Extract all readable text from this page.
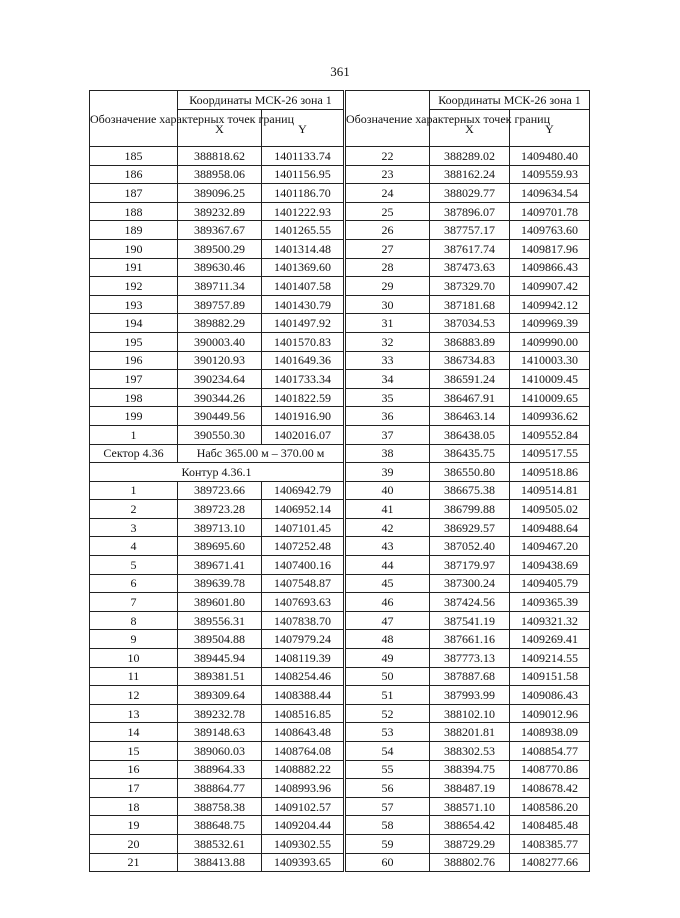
361
Обозначение характерных точек границ	Координаты МСК-26 зона 1	
	X	Y
185	388818.62	1401133.74
186	388958.06	1401156.95
187	389096.25	1401186.70
188	389232.89	1401222.93
189	389367.67	1401265.55
190	389500.29	1401314.48
191	389630.46	1401369.60
192	389711.34	1401407.58
193	389757.89	1401430.79
194	389882.29	1401497.92
195	390003.40	1401570.83
196	390120.93	1401649.36
197	390234.64	1401733.34
198	390344.26	1401822.59
199	390449.56	1401916.90
1	390550.30	1402016.07
Сектор 4.36	Набс 365.00 м – 370.00 м	
Контур 4.36.1		
1	389723.66	1406942.79
2	389723.28	1406952.14
3	389713.10	1407101.45
4	389695.60	1407252.48
5	389671.41	1407400.16
6	389639.78	1407548.87
7	389601.80	1407693.63
8	389556.31	1407838.70
9	389504.88	1407979.24
10	389445.94	1408119.39
11	389381.51	1408254.46
12	389309.64	1408388.44
13	389232.78	1408516.85
14	389148.63	1408643.48
15	389060.03	1408764.08
16	388964.33	1408882.22
17	388864.77	1408993.96
18	388758.38	1409102.57
19	388648.75	1409204.44
20	388532.61	1409302.55
21	388413.88	1409393.65
Обозначение характерных точек границ	Координаты МСК-26 зона 1	
	X	Y
22	388289.02	1409480.40
23	388162.24	1409559.93
24	388029.77	1409634.54
25	387896.07	1409701.78
26	387757.17	1409763.60
27	387617.74	1409817.96
28	387473.63	1409866.43
29	387329.70	1409907.42
30	387181.68	1409942.12
31	387034.53	1409969.39
32	386883.89	1409990.00
33	386734.83	1410003.30
34	386591.24	1410009.45
35	386467.91	1410009.65
36	386463.14	1409936.62
37	386438.05	1409552.84
38	386435.75	1409517.55
39	386550.80	1409518.86
40	386675.38	1409514.81
41	386799.88	1409505.02
42	386929.57	1409488.64
43	387052.40	1409467.20
44	387179.97	1409438.69
45	387300.24	1409405.79
46	387424.56	1409365.39
47	387541.19	1409321.32
48	387661.16	1409269.41
49	387773.13	1409214.55
50	387887.68	1409151.58
51	387993.99	1409086.43
52	388102.10	1409012.96
53	388201.81	1408938.09
54	388302.53	1408854.77
55	388394.75	1408770.86
56	388487.19	1408678.42
57	388571.10	1408586.20
58	388654.42	1408485.48
59	388729.29	1408385.77
60	388802.76	1408277.66
